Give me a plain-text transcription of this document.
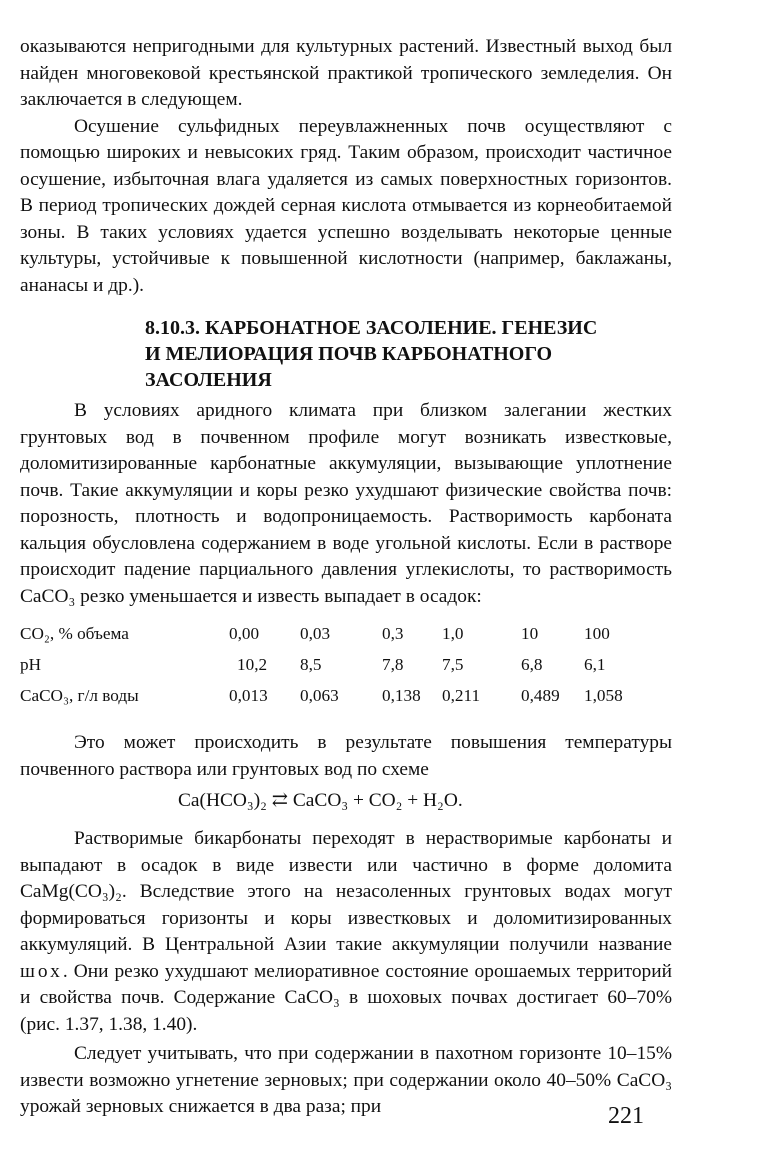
оказываются непригодными для культурных растений. Известный выход был найден многовековой крестьянской практикой тропического земледелия. Он заключается в следующем.

Осушение сульфидных переувлажненных почв осуществляют с помощью широких и невысоких гряд. Таким образом, происходит частичное осушение, избыточная влага удаляется из самых поверхностных горизонтов. В период тропических дождей серная кислота отмывается из корнеобитаемой зоны. В таких условиях удается успешно возделывать некоторые ценные культуры, устойчивые к повышенной кислотности (например, баклажаны, ананасы и др.).

8.10.3. КАРБОНАТНОЕ ЗАСОЛЕНИЕ. ГЕНЕЗИС
И МЕЛИОРАЦИЯ ПОЧВ КАРБОНАТНОГО
ЗАСОЛЕНИЯ

В условиях аридного климата при близком залегании жестких грунтовых вод в почвенном профиле могут возникать известковые, доломитизированные карбонатные аккумуляции, вызывающие уплотнение почв. Такие аккумуляции и коры резко ухудшают физические свойства почв: порозность, плотность и водопроницаемость. Растворимость карбоната кальция обусловлена содержанием в воде угольной кислоты. Если в растворе происходит падение парциального давления углекислоты, то растворимость CaCO₃ резко уменьшается и известь выпадает в осадок:

CO₂, % объема	0,00	0,03	0,3	1,0	10	100
pH	10,2	8,5	7,8	7,5	6,8	6,1
CaCO₃, г/л воды	0,013	0,063	0,138	0,211	0,489	1,058

Это может происходить в результате повышения температуры почвенного раствора или грунтовых вод по схеме

Ca(HCO₃)₂ ⇄ CaCO₃ + CO₂ + H₂O.

Растворимые бикарбонаты переходят в нерастворимые карбонаты и выпадают в осадок в виде извести или частично в форме доломита CaMg(CO₃)₂. Вследствие этого на незасоленных грунтовых водах могут формироваться горизонты и коры известковых и доломитизированных аккумуляций. В Центральной Азии такие аккумуляции получили название шох. Они резко ухудшают мелиоративное состояние орошаемых территорий и свойства почв. Содержание CaCO₃ в шоховых почвах достигает 60–70% (рис. 1.37, 1.38, 1.40).

Следует учитывать, что при содержании в пахотном горизонте 10–15% извести возможно угнетение зерновых; при содержании около 40–50% CaCO₃ урожай зерновых снижается в два раза; при	221
